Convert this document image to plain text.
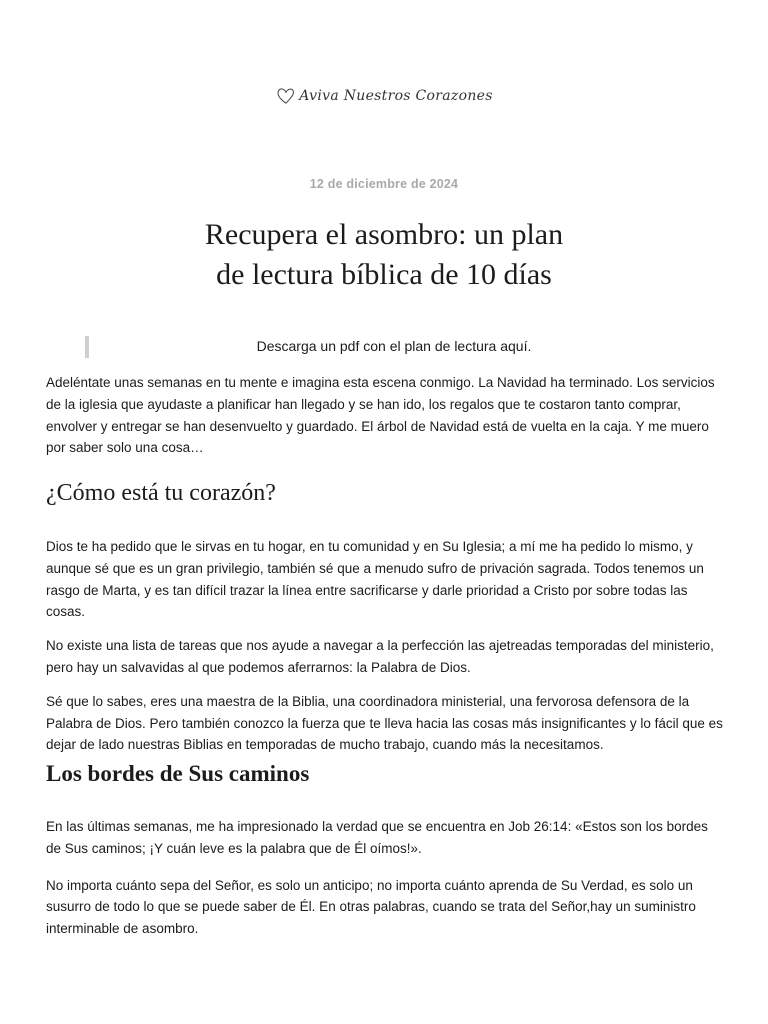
Aviva Nuestros Corazones
12 de diciembre de 2024
Recupera el asombro: un plan
de lectura bíblica de 10 días
Descarga un pdf con el plan de lectura aquí.

Adeléntate unas semanas en tu mente e imagina esta escena conmigo. La Navidad ha terminado. Los servicios de la iglesia que ayudaste a planificar han llegado y se han ido, los regalos que te costaron tanto comprar, envolver y entregar se han desenvuelto y guardado. El árbol de Navidad está de vuelta en la caja. Y me muero por saber solo una cosa…

¿Cómo está tu corazón?

Dios te ha pedido que le sirvas en tu hogar, en tu comunidad y en Su Iglesia; a mí me ha pedido lo mismo, y aunque sé que es un gran privilegio, también sé que a menudo sufro de privación sagrada. Todos tenemos un rasgo de Marta, y es tan difícil trazar la línea entre sacrificarse y darle prioridad a Cristo por sobre todas las cosas.

No existe una lista de tareas que nos ayude a navegar a la perfección las ajetreadas temporadas del ministerio, pero hay un salvavidas al que podemos aferrarnos: la Palabra de Dios.

Sé que lo sabes, eres una maestra de la Biblia, una coordinadora ministerial, una fervorosa defensora de la Palabra de Dios. Pero también conozco la fuerza que te lleva hacia las cosas más insignificantes y lo fácil que es dejar de lado nuestras Biblias en temporadas de mucho trabajo, cuando más la necesitamos.

Los bordes de Sus caminos

En las últimas semanas, me ha impresionado la verdad que se encuentra en Job 26:14: «Estos son los bordes de Sus caminos; ¡Y cuán leve es la palabra que de Él oímos!».

No importa cuánto sepa del Señor, es solo un anticipo; no importa cuánto aprenda de Su Verdad, es solo un susurro de todo lo que se puede saber de Él. En otras palabras, cuando se trata del Señor,hay un suministro interminable de asombro.
